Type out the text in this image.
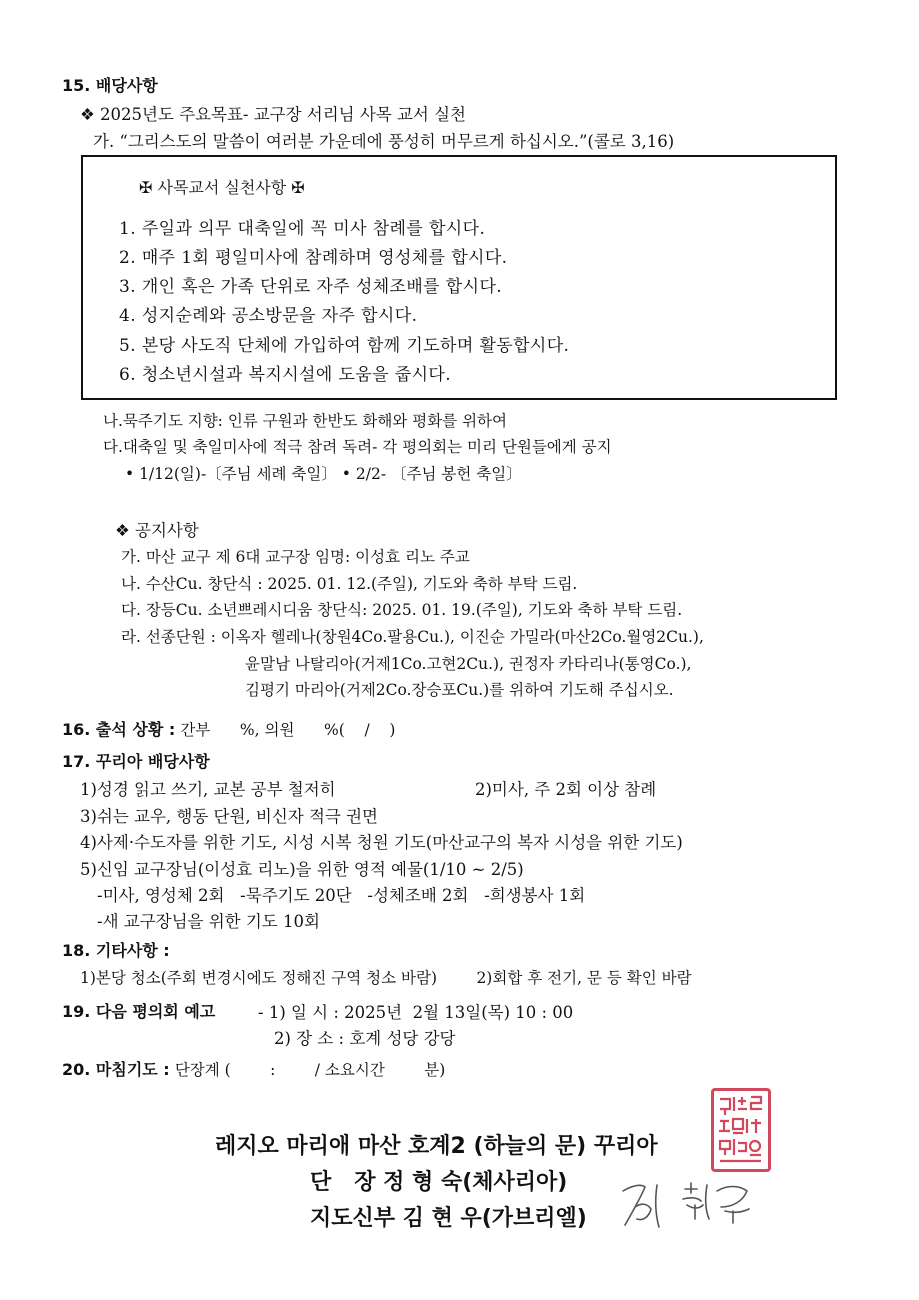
15. 배당사항
❖ 2025년도 주요목표- 교구장 서리님 사목 교서 실천
가. “그리스도의 말씀이 여러분 가운데에 풍성히 머무르게 하십시오.”(콜로 3,16)
✠ 사목교서 실천사항 ✠
1. 주일과 의무 대축일에 꼭 미사 참례를 합시다.
2. 매주 1회 평일미사에 참례하며 영성체를 합시다.
3. 개인 혹은 가족 단위로 자주 성체조배를 합시다.
4. 성지순례와 공소방문을 자주 합시다.
5. 본당 사도직 단체에 가입하여 함께 기도하며 활동합시다.
6. 청소년시설과 복지시설에 도움을 줍시다.
나.묵주기도 지향: 인류 구원과 한반도 화해와 평화를 위하여
다.대축일 및 축일미사에 적극 참려 독려- 각 평의회는 미리 단원들에게 공지
• 1/12(일)-〔주님 세례 축일〕 • 2/2- 〔주님 봉헌 축일〕
❖ 공지사항
가. 마산 교구 제 6대 교구장 임명: 이성효 리노 주교
나. 수산Cu. 창단식 : 2025. 01. 12.(주일), 기도와 축하 부탁 드림.
다. 장등Cu. 소년쁘레시디움 창단식: 2025. 01. 19.(주일), 기도와 축하 부탁 드림.
라. 선종단원 : 이옥자 헬레나(창원4Co.팔용Cu.), 이진순 가밀라(마산2Co.월영2Cu.),
윤말남 나탈리아(거제1Co.고현2Cu.), 권정자 카타리나(통영Co.),
김평기 마리아(거제2Co.장승포Cu.)를 위하여 기도해 주십시오.
16. 출석 상황 : 간부      %, 의원      %(    /    )
17. 꾸리아 배당사항
1)성경 읽고 쓰기, 교본 공부 철저히	2)미사, 주 2회 이상 참례
3)쉬는 교우, 행동 단원, 비신자 적극 권면
4)사제·수도자를 위한 기도, 시성 시복 청원 기도(마산교구의 복자 시성을 위한 기도)
5)신임 교구장님(이성효 리노)을 위한 영적 예물(1/10 ~ 2/5)
-미사, 영성체 2회   -묵주기도 20단   -성체조배 2회   -희생봉사 1회
-새 교구장님을 위한 기도 10회
18. 기타사항 :
1)본당 청소(주회 변경시에도 정해진 구역 청소 바람)        2)회합 후 전기, 문 등 확인 바람
19. 다음 평의회 예고	- 1) 일 시 : 2025년  2월 13일(목) 10 : 00
2) 장 소 : 호계 성당 강당
20. 마침기도 : 단장계 (        :        / 소요시간        분)
레지오 마리애 마산 호계2 (하늘의 문) 꾸리아
단   장 정 형 숙(체사리아)
지도신부 김 현 우(가브리엘)
